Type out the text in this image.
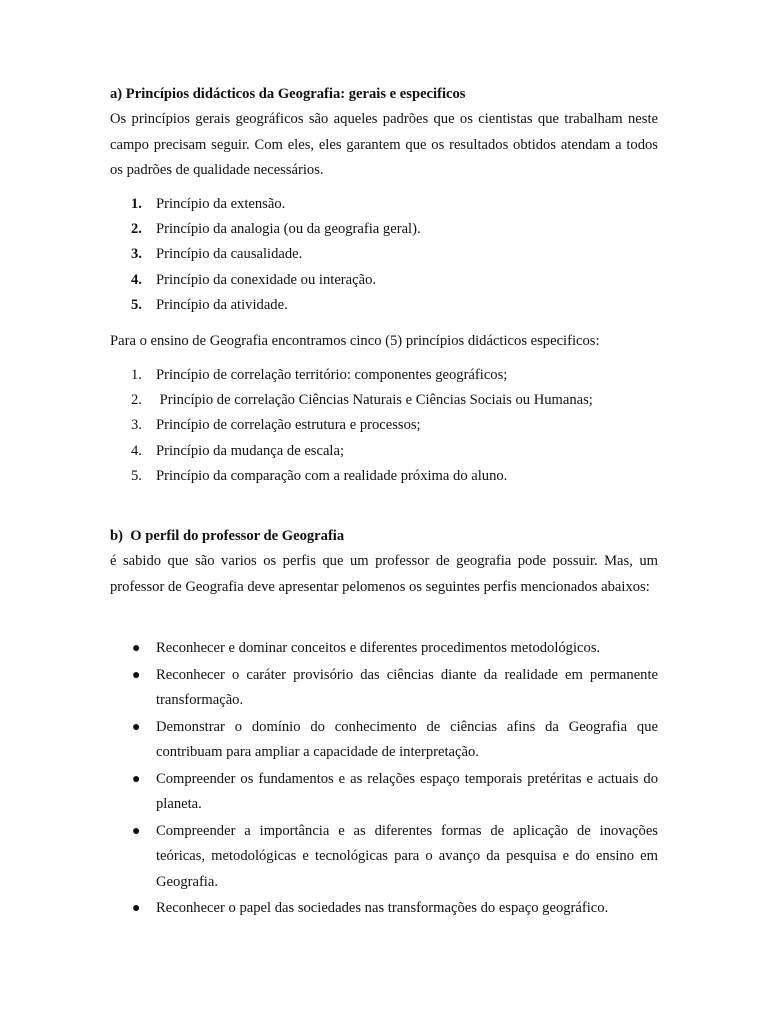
a) Princípios didácticos da Geografia: gerais e especificos

Os princípios gerais geográficos são aqueles padrões que os cientistas que trabalham neste campo precisam seguir. Com eles, eles garantem que os resultados obtidos atendam a todos os padrões de qualidade necessários.

1. Princípio da extensão.
2. Princípio da analogia (ou da geografia geral).
3. Princípio da causalidade.
4. Princípio da conexidade ou interação.
5. Princípio da atividade.

Para o ensino de Geografia encontramos cinco (5) princípios didácticos especificos:

1. Princípio de correlação território: componentes geográficos;
2. Princípio de correlação Ciências Naturais e Ciências Sociais ou Humanas;
3. Princípio de correlação estrutura e processos;
4. Princípio da mudança de escala;
5. Princípio da comparação com a realidade próxima do aluno.

b)  O perfil do professor de Geografia

é sabido que são varios os perfis que um professor de geografia pode possuir. Mas, um professor de Geografia deve apresentar pelomenos os seguintes perfis mencionados abaixos:

● Reconhecer e dominar conceitos e diferentes procedimentos metodológicos.
● Reconhecer o caráter provisório das ciências diante da realidade em permanente transformação.
● Demonstrar o domínio do conhecimento de ciências afins da Geografia que contribuam para ampliar a capacidade de interpretação.
● Compreender os fundamentos e as relações espaço temporais pretéritas e actuais do planeta.
● Compreender a importância e as diferentes formas de aplicação de inovações teóricas, metodológicas e tecnológicas para o avanço da pesquisa e do ensino em Geografia.
● Reconhecer o papel das sociedades nas transformações do espaço geográfico.
